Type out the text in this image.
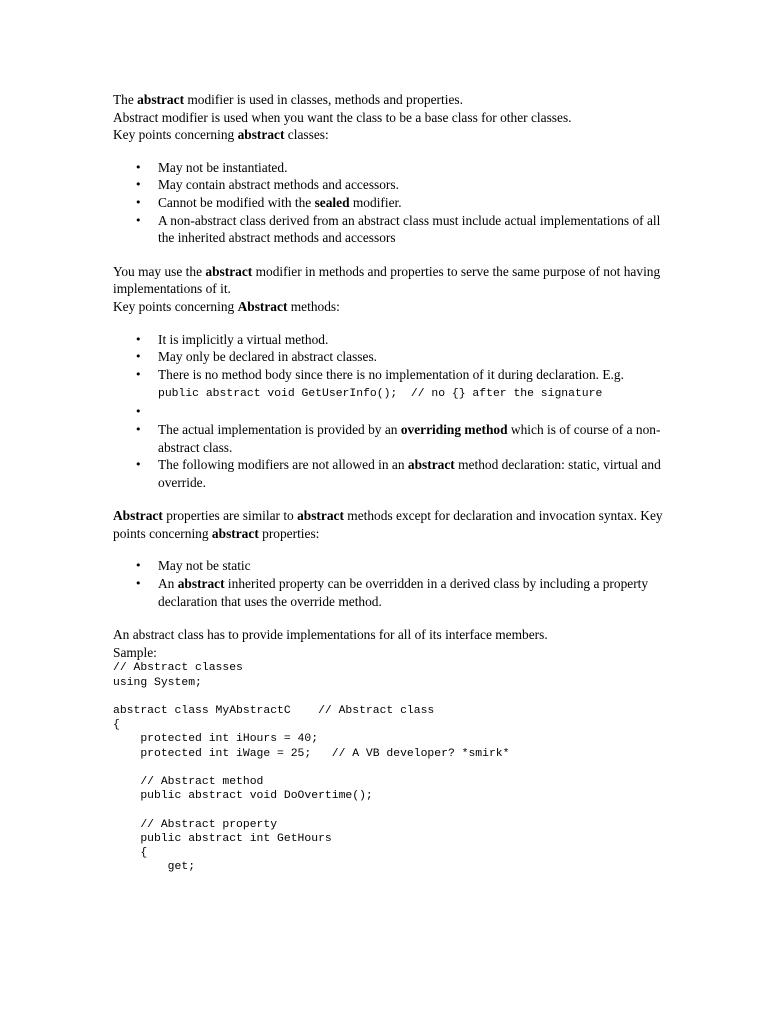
The abstract modifier is used in classes, methods and properties.

Abstract modifier is used when you want the class to be a base class for other classes.

Key points concerning abstract classes:

• May not be instantiated.
• May contain abstract methods and accessors.
• Cannot be modified with the sealed modifier.
• A non-abstract class derived from an abstract class must include actual implementations of all the inherited abstract methods and accessors

You may use the abstract modifier in methods and properties to serve the same purpose of not having implementations of it.

Key points concerning Abstract methods:

• It is implicitly a virtual method.
• May only be declared in abstract classes.
• There is no method body since there is no implementation of it during declaration. E.g.
public abstract void GetUserInfo();  // no {} after the signature
•
• The actual implementation is provided by an overriding method which is of course of a non-abstract class.
• The following modifiers are not allowed in an abstract method declaration: static, virtual and override.

Abstract properties are similar to abstract methods except for declaration and invocation syntax. Key points concerning abstract properties:

• May not be static
• An abstract inherited property can be overridden in a derived class by including a property declaration that uses the override method.

An abstract class has to provide implementations for all of its interface members.

Sample:

// Abstract classes
using System;

abstract class MyAbstractC    // Abstract class
{
protected int iHours = 40;
protected int iWage = 25;   // A VB developer? *smirk*

// Abstract method
public abstract void DoOvertime();

// Abstract property
public abstract int GetHours
{
get;
